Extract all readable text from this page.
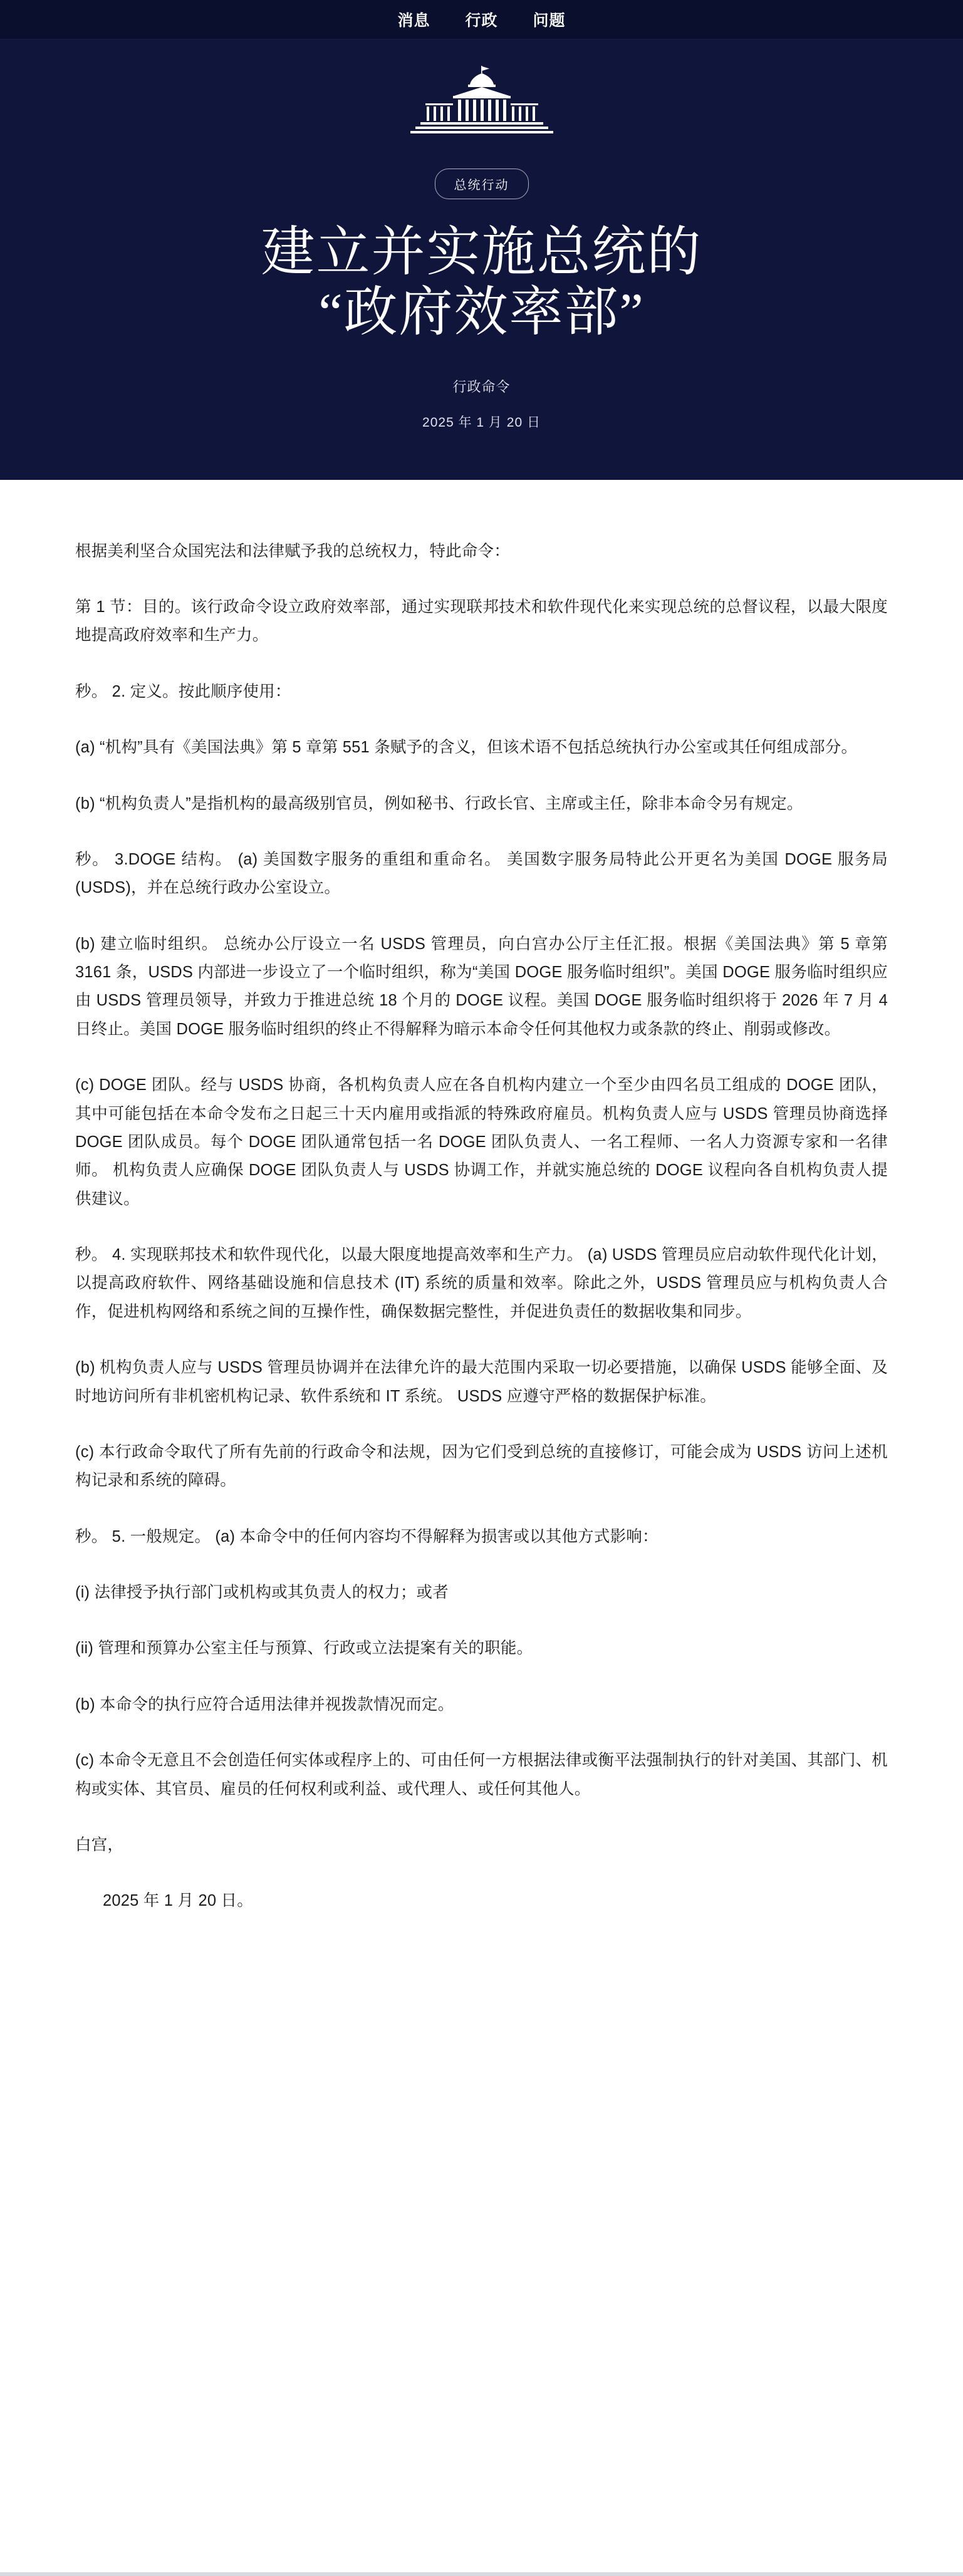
消息 行政 问题
总统行动
建立并实施总统的
“政府效率部”
行政命令
2025 年 1 月 20 日

根据美利坚合众国宪法和法律赋予我的总统权力，特此命令：

第 1 节：目的。该行政命令设立政府效率部，通过实现联邦技术和软件现代化来实现总统的总督议程，以最大限度地提高政府效率和生产力。

秒。 2. 定义。按此顺序使用：

(a) “机构”具有《美国法典》第 5 章第 551 条赋予的含义，但该术语不包括总统执行办公室或其任何组成部分。

(b) “机构负责人”是指机构的最高级别官员，例如秘书、行政长官、主席或主任，除非本命令另有规定。

秒。 3.DOGE 结构。 (a) 美国数字服务的重组和重命名。 美国数字服务局特此公开更名为美国 DOGE 服务局 (USDS)，并在总统行政办公室设立。

(b) 建立临时组织。 总统办公厅设立一名 USDS 管理员，向白宫办公厅主任汇报。根据《美国法典》第 5 章第 3161 条，USDS 内部进一步设立了一个临时组织，称为“美国 DOGE 服务临时组织”。美国 DOGE 服务临时组织应由 USDS 管理员领导，并致力于推进总统 18 个月的 DOGE 议程。美国 DOGE 服务临时组织将于 2026 年 7 月 4 日终止。美国 DOGE 服务临时组织的终止不得解释为暗示本命令任何其他权力或条款的终止、削弱或修改。

(c) DOGE 团队。经与 USDS 协商，各机构负责人应在各自机构内建立一个至少由四名员工组成的 DOGE 团队，其中可能包括在本命令发布之日起三十天内雇用或指派的特殊政府雇员。机构负责人应与 USDS 管理员协商选择 DOGE 团队成员。每个 DOGE 团队通常包括一名 DOGE 团队负责人、一名工程师、一名人力资源专家和一名律师。 机构负责人应确保 DOGE 团队负责人与 USDS 协调工作，并就实施总统的 DOGE 议程向各自机构负责人提供建议。

秒。 4. 实现联邦技术和软件现代化，以最大限度地提高效率和生产力。 (a) USDS 管理员应启动软件现代化计划，以提高政府软件、网络基础设施和信息技术 (IT) 系统的质量和效率。除此之外，USDS 管理员应与机构负责人合作，促进机构网络和系统之间的互操作性，确保数据完整性，并促进负责任的数据收集和同步。

(b) 机构负责人应与 USDS 管理员协调并在法律允许的最大范围内采取一切必要措施，以确保 USDS 能够全面、及时地访问所有非机密机构记录、软件系统和 IT 系统。 USDS 应遵守严格的数据保护标准。

(c) 本行政命令取代了所有先前的行政命令和法规，因为它们受到总统的直接修订，可能会成为 USDS 访问上述机构记录和系统的障碍。

秒。 5. 一般规定。 (a) 本命令中的任何内容均不得解释为损害或以其他方式影响：

(i) 法律授予执行部门或机构或其负责人的权力；或者

(ii) 管理和预算办公室主任与预算、行政或立法提案有关的职能。

(b) 本命令的执行应符合适用法律并视拨款情况而定。

(c) 本命令无意且不会创造任何实体或程序上的、可由任何一方根据法律或衡平法强制执行的针对美国、其部门、机构或实体、其官员、雇员的任何权利或利益、或代理人、或任何其他人。

白宫，

2025 年 1 月 20 日。
